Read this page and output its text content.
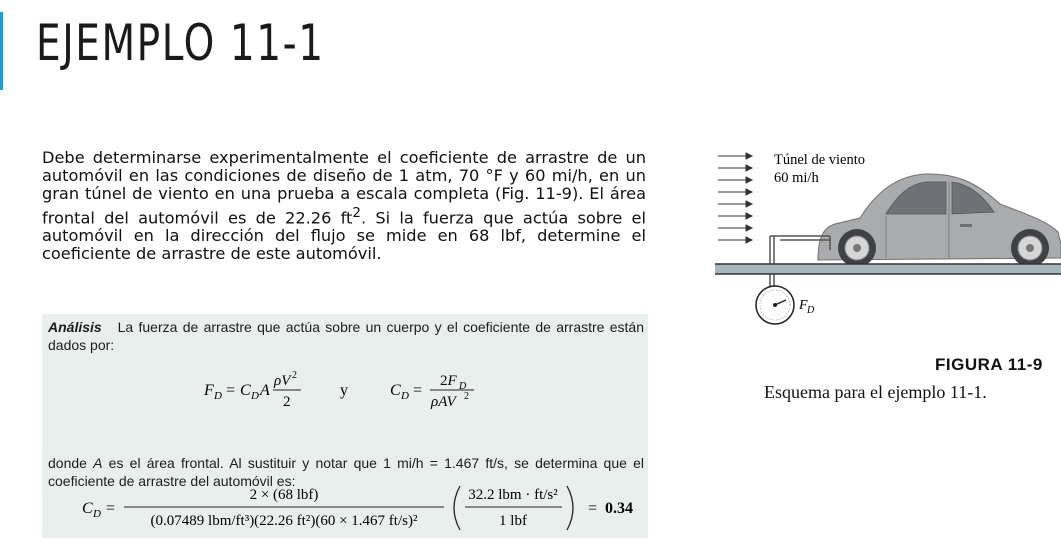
EJEMPLO 11-1

Debe determinarse experimentalmente el coeficiente de arrastre de un automóvil en las condiciones de diseño de 1 atm, 70 °F y 60 mi/h, en un gran túnel de viento en una prueba a escala completa (Fig. 11-9). El área frontal del automóvil es de 22.26 $ft^2$. Si la fuerza que actúa sobre el automóvil en la dirección del flujo se mide en 68 lbf, determine el coeficiente de arrastre de este automóvil.

Análisis La fuerza de arrastre que actúa sobre un cuerpo y el coeficiente de arrastre están dados por:

F D = C D A
ρV 2
2
y	C D =
2F D
ρAV 2

donde A es el área frontal. Al sustituir y notar que 1 mi/h = 1.467 ft/s, se determina que el coeficiente de arrastre del automóvil es:

C D =
2 × (68 lbf)
(0.07489 lbm/ft³)(22.26 ft²)(60 × 1.467 ft/s)²
32.2 lbm · ft/s²
1 lbf
= 0.34
Túnel de viento
60 mi/h
F D
FIGURA 11-9
Esquema para el ejemplo 11-1.
